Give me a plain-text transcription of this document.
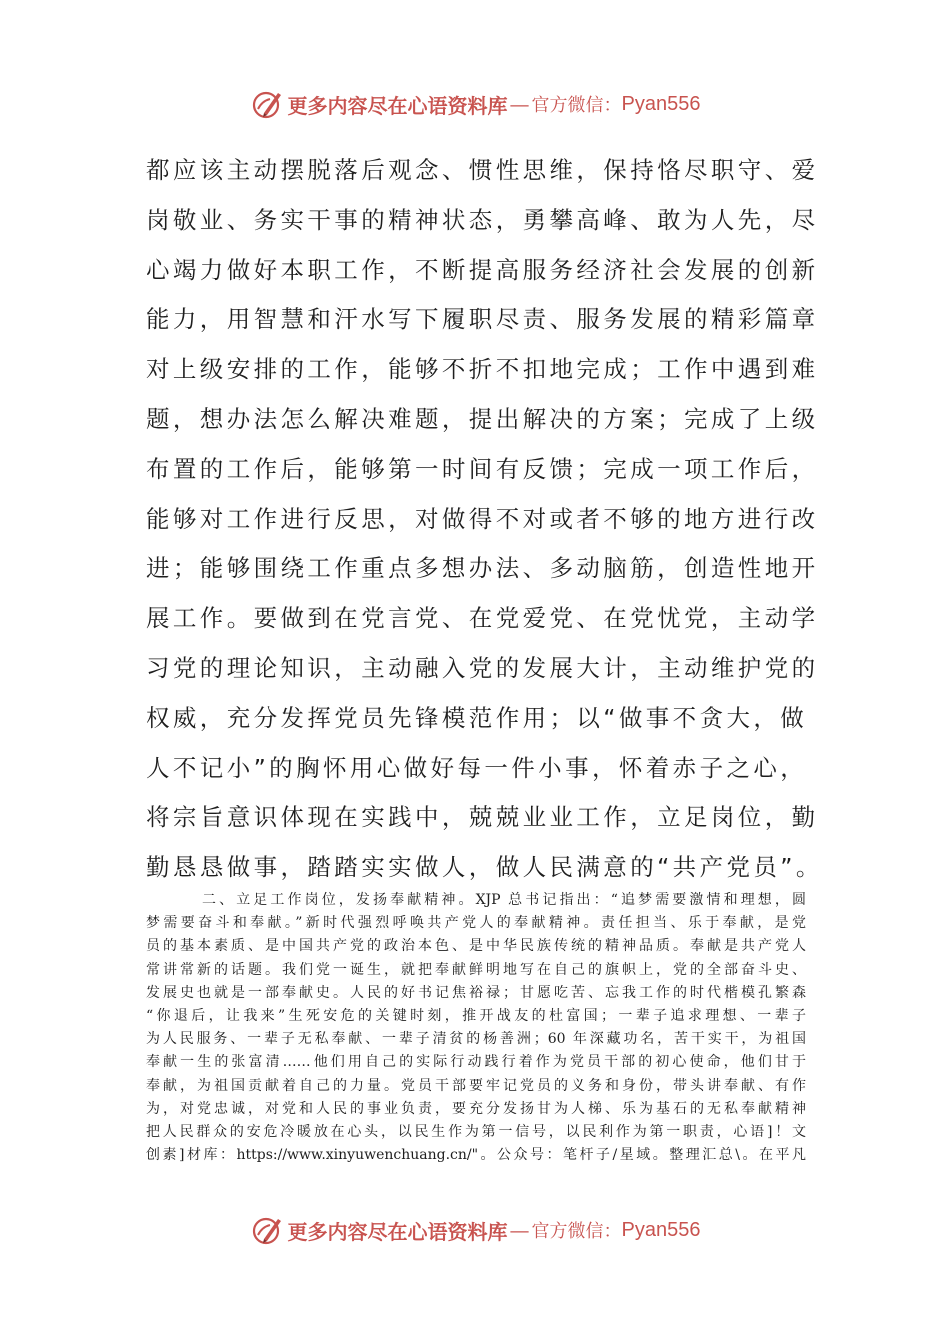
更多内容尽在心语资料库 — 官方微信： Pyan556
都应该主动摆脱落后观念、惯性思维，保持恪尽职守、爱
岗敬业、务实干事的精神状态，勇攀高峰、敢为人先，尽
心竭力做好本职工作，不断提高服务经济社会发展的创新
能力，用智慧和汗水写下履职尽责、服务发展的精彩篇章
对上级安排的工作，能够不折不扣地完成；工作中遇到难
题，想办法怎么解决难题，提出解决的方案；完成了上级
布置的工作后，能够第一时间有反馈；完成一项工作后，
能够对工作进行反思，对做得不对或者不够的地方进行改
进；能够围绕工作重点多想办法、多动脑筋，创造性地开
展工作。要做到在党言党、在党爱党、在党忧党，主动学
习党的理论知识，主动融入党的发展大计，主动维护党的
权威，充分发挥党员先锋模范作用；以“做事不贪大，做
人不记小”的胸怀用心做好每一件小事，怀着赤子之心，
将宗旨意识体现在实践中，兢兢业业工作，立足岗位，勤
勤恳恳做事，踏踏实实做人，做人民满意的“共产党员”。
二、立足工作岗位，发扬奉献精神。XJP 总书记指出：“追梦需要激情和理想，圆
梦需要奋斗和奉献。”新时代强烈呼唤共产党人的奉献精神。责任担当、乐于奉献，是党
员的基本素质、是中国共产党的政治本色、是中华民族传统的精神品质。奉献是共产党人
常讲常新的话题。我们党一诞生，就把奉献鲜明地写在自己的旗帜上，党的全部奋斗史、
发展史也就是一部奉献史。人民的好书记焦裕禄；甘愿吃苦、忘我工作的时代楷模孔繁森
“你退后，让我来”生死安危的关键时刻，推开战友的杜富国；一辈子追求理想、一辈子
为人民服务、一辈子无私奉献、一辈子清贫的杨善洲；60 年深藏功名，苦干实干，为祖国
奉献一生的张富清……他们用自己的实际行动践行着作为党员干部的初心使命，他们甘于
奉献，为祖国贡献着自己的力量。党员干部要牢记党员的义务和身份，带头讲奉献、有作
为，对党忠诚，对党和人民的事业负责，要充分发扬甘为人梯、乐为基石的无私奉献精神
把人民群众的安危冷暖放在心头，以民生作为第一信号，以民利作为第一职责，心语]！文
创素]材库：https://www.xinyuwenchuang.cn/"。公众号：笔杆子/星域。整理汇总\。在平凡
更多内容尽在心语资料库 — 官方微信： Pyan556
